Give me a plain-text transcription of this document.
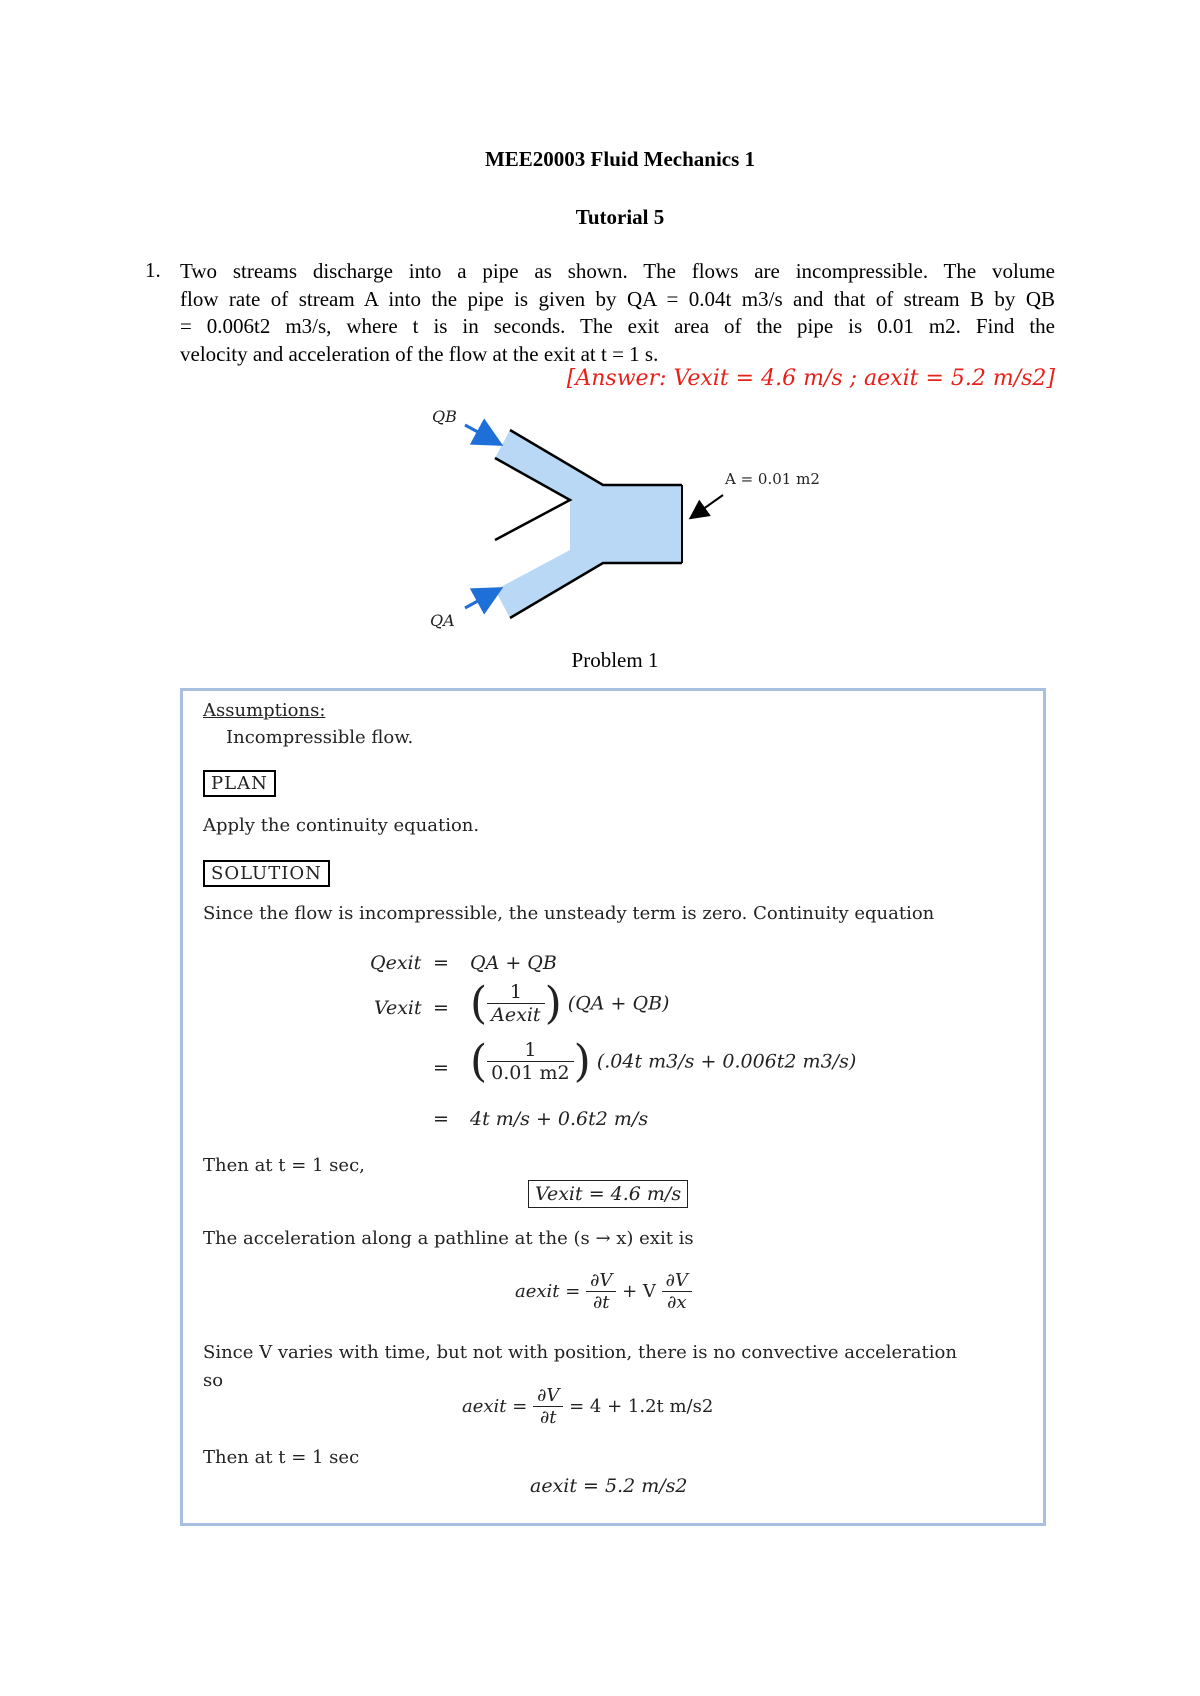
MEE20003 Fluid Mechanics 1
Tutorial 5
1. Two streams discharge into a pipe as shown. The flows are incompressible. The volume
flow rate of stream A into the pipe is given by QA = 0.04t m3/s and that of stream B by QB
= 0.006t2 m3/s, where t is in seconds. The exit area of the pipe is 0.01 m2. Find the
velocity and acceleration of the flow at the exit at t = 1 s.
[Answer: Vexit = 4.6 m/s ; aexit = 5.2 m/s2]
QB
QA
A = 0.01 m2
Problem 1
Assumptions:
Incompressible flow.
PLAN
Apply the continuity equation.
SOLUTION
Since the flow is incompressible, the unsteady term is zero. Continuity equation
Qexit = QA + QB
Vexit = ( $\frac{1}{\text{Aexit}}$ ) (QA + QB)
= ( $\frac{1}{0.01 m2}$ ) (.04t m3/s + 0.006t2 m3/s)
= 4t m/s + 0.6t2 m/s
Then at t = 1 sec,
Vexit = 4.6 m/s
The acceleration along a pathline at the (s → x) exit is
aexit = $\frac{\partial V}{\partial t} + V \frac{\partial V}{\partial x}$
Since V varies with time, but not with position, there is no convective acceleration
so
aexit = $\frac{\partial V}{\partial t} = 4 + 1.2t$ m/s2
Then at t = 1 sec
aexit = 5.2 m/s2
